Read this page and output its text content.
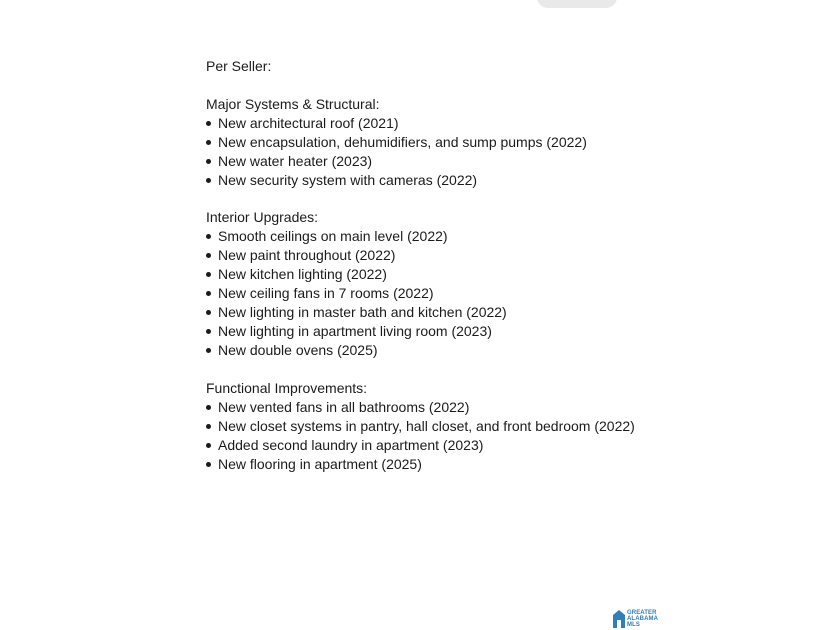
Per Seller:
Major Systems & Structural:
New architectural roof (2021)
New encapsulation, dehumidifiers, and sump pumps (2022)
New water heater (2023)
New security system with cameras (2022)
Interior Upgrades:
Smooth ceilings on main level (2022)
New paint throughout (2022)
New kitchen lighting (2022)
New ceiling fans in 7 rooms (2022)
New lighting in master bath and kitchen (2022)
New lighting in apartment living room (2023)
New double ovens (2025)
Functional Improvements:
New vented fans in all bathrooms (2022)
New closet systems in pantry, hall closet, and front bedroom (2022)
Added second laundry in apartment (2023)
New flooring in apartment (2025)
GREATER
ALABAMA
MLS
